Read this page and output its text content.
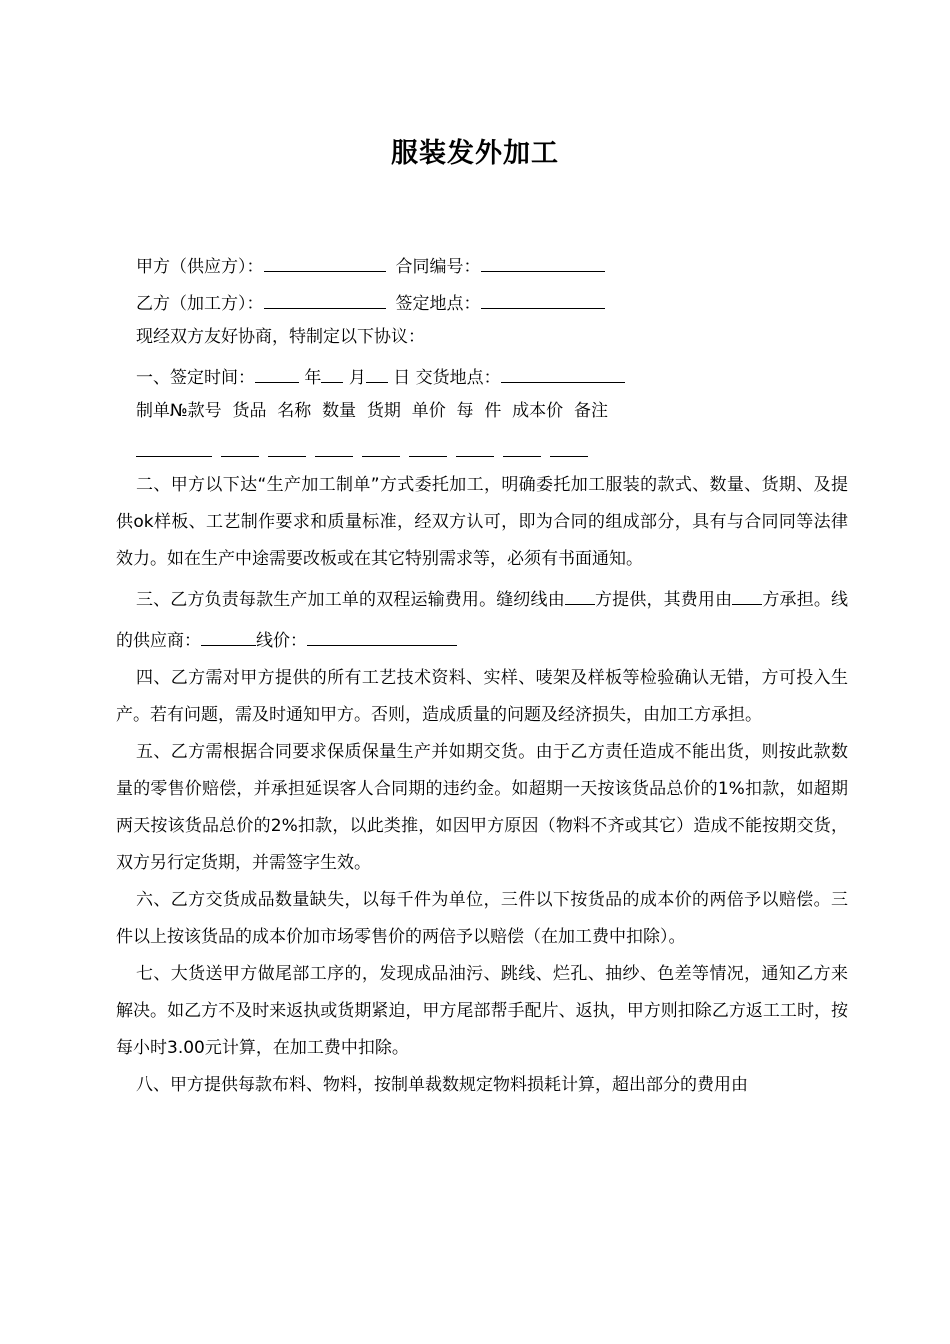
服装发外加工
甲方（供应方）：	合同编号：
乙方（加工方）：	签定地点：
现经双方友好协商，特制定以下协议：
一、签定时间：	年 月 日 交货地点：
制单№款号  货品  名称  数量  货期  单价  每  件  成本价  备注
二、甲方以下达“生产加工制单”方式委托加工，明确委托加工服装的款式、数量、货期、及提供ok样板、工艺制作要求和质量标准，经双方认可，即为合同的组成部分，具有与合同同等法律效力。如在生产中途需要改板或在其它特别需求等，必须有书面通知。
三、乙方负责每款生产加工单的双程运输费用。缝纫线由 方提供，其费用由 方承担。线的供应商：	线价：
四、乙方需对甲方提供的所有工艺技术资料、实样、唛架及样板等检验确认无错，方可投入生产。若有问题，需及时通知甲方。否则，造成质量的问题及经济损失，由加工方承担。
五、乙方需根据合同要求保质保量生产并如期交货。由于乙方责任造成不能出货，则按此款数量的零售价赔偿，并承担延误客人合同期的违约金。如超期一天按该货品总价的1%扣款，如超期两天按该货品总价的2%扣款，以此类推，如因甲方原因（物料不齐或其它）造成不能按期交货，双方另行定货期，并需签字生效。
六、乙方交货成品数量缺失，以每千件为单位，三件以下按货品的成本价的两倍予以赔偿。三件以上按该货品的成本价加市场零售价的两倍予以赔偿（在加工费中扣除）。
七、大货送甲方做尾部工序的，发现成品油污、跳线、烂孔、抽纱、色差等情况，通知乙方来解决。如乙方不及时来返执或货期紧迫，甲方尾部帮手配片、返执，甲方则扣除乙方返工工时，按每小时3.00元计算，在加工费中扣除。
八、甲方提供每款布料、物料，按制单裁数规定物料损耗计算，超出部分的费用由
